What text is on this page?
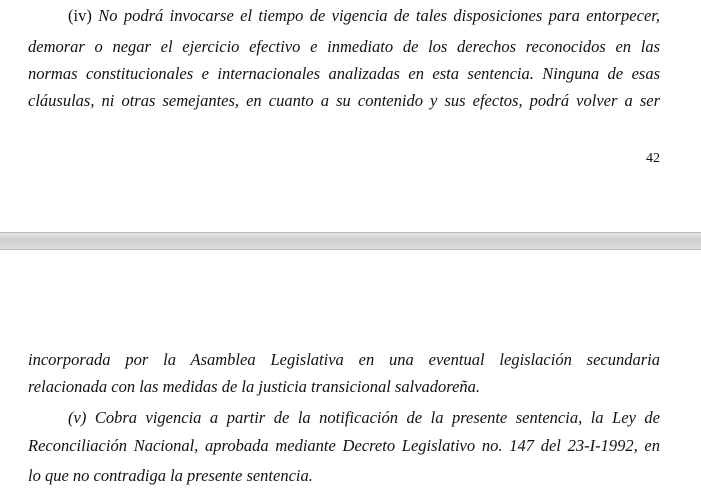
(iv) No podrá invocarse el tiempo de vigencia de tales disposiciones para entorpecer,
demorar o negar el ejercicio efectivo e inmediato de los derechos reconocidos en las
normas constitucionales e internacionales analizadas en esta sentencia. Ninguna de esas
cláusulas, ni otras semejantes, en cuanto a su contenido y sus efectos, podrá volver a ser
42
incorporada por la Asamblea Legislativa en una eventual legislación secundaria
relacionada con las medidas de la justicia transicional salvadoreña.
(v) Cobra vigencia a partir de la notificación de la presente sentencia, la Ley de
Reconciliación Nacional, aprobada mediante Decreto Legislativo no. 147 del 23-I-1992, en
lo que no contradiga la presente sentencia.
